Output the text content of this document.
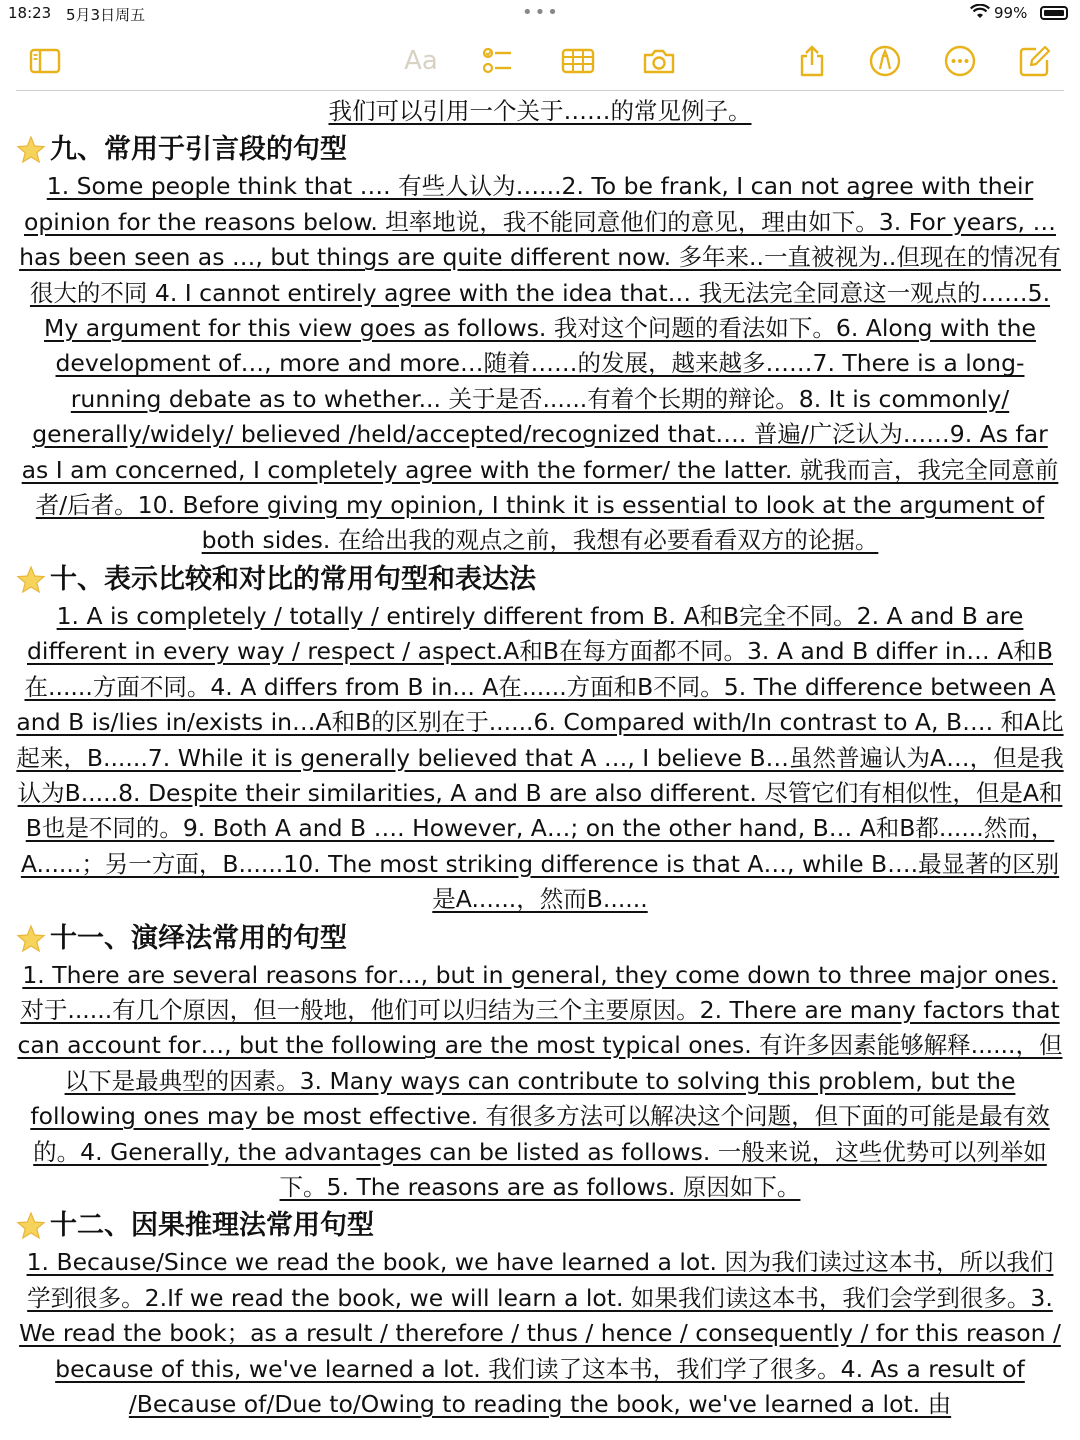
18:23 5月3日周五	•••	99%
Aa

我们可以引用一个关于……的常见例子。

九、常用于引言段的句型

1. Some people think that …. 有些人认为…...2. To be frank, I can not agree with their opinion for the reasons below. 坦率地说，我不能同意他们的意见，理由如下。3. For years, … has been seen as …, but things are quite different now. 多年来..一直被视为..但现在的情况有很大的不同 4. I cannot entirely agree with the idea that… 我无法完全同意这一观点的……5. My argument for this view goes as follows. 我对这个问题的看法如下。6. Along with the development of…, more and more…随着……的发展，越来越多……7. There is a long-running debate as to whether... 关于是否......有着个长期的辩论。8. It is commonly/ generally/widely/ believed /held/accepted/recognized that…. 普遍/广泛认为……9. As far as I am concerned, I completely agree with the former/ the latter. 就我而言，我完全同意前者/后者。10. Before giving my opinion, I think it is essential to look at the argument of both sides. 在给出我的观点之前，我想有必要看看双方的论据。

十、表示比较和对比的常用句型和表达法

1. A is completely / totally / entirely different from B. A和B完全不同。2. A and B are different in every way / respect / aspect.A和B在每方面都不同。3. A and B differ in… A和B在......方面不同。4. A differs from B in... A在......方面和B不同。5. The difference between A and B is/lies in/exists in…A和B的区别在于......6. Compared with/In contrast to A, B…. 和A比起来，B......7. While it is generally believed that A …, I believe B…虽然普遍认为A…，但是我认为B.....8. Despite their similarities, A and B are also different. 尽管它们有相似性，但是A和B也是不同的。9. Both A and B …. However, A…; on the other hand, B… A和B都......然而，A......；另一方面，B......10. The most striking difference is that A…, while B….最显著的区别是A......，然而B......

十一、演绎法常用的句型

1. There are several reasons for…, but in general, they come down to three major ones. 对于......有几个原因，但一般地，他们可以归结为三个主要原因。2. There are many factors that can account for…, but the following are the most typical ones. 有许多因素能够解释......，但以下是最典型的因素。3. Many ways can contribute to solving this problem, but the following ones may be most effective. 有很多方法可以解决这个问题，但下面的可能是最有效的。4. Generally, the advantages can be listed as follows. 一般来说，这些优势可以列举如下。5. The reasons are as follows. 原因如下。

十二、因果推理法常用句型

1. Because/Since we read the book, we have learned a lot. 因为我们读过这本书，所以我们学到很多。2.If we read the book, we will learn a lot. 如果我们读这本书，我们会学到很多。3. We read the book；as a result / therefore / thus / hence / consequently / for this reason / because of this, we've learned a lot. 我们读了这本书，我们学了很多。4. As a result of /Because of/Due to/Owing to reading the book, we've learned a lot. 由
